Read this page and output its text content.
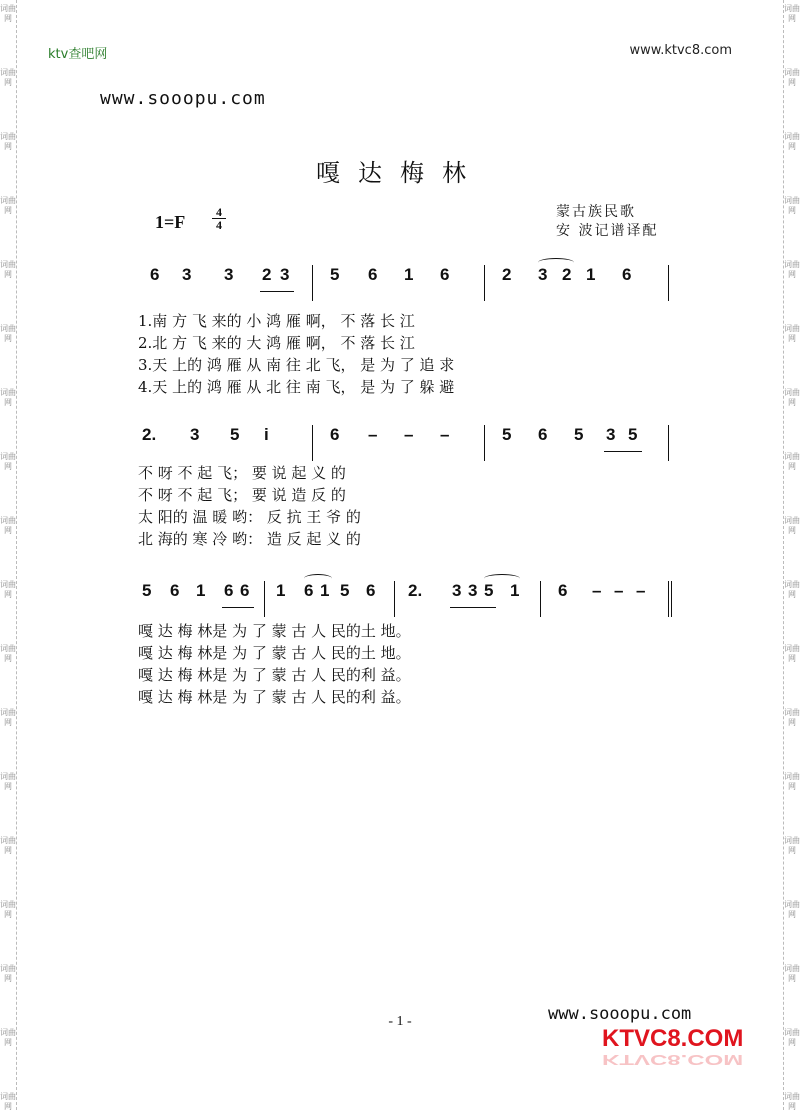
词曲网
词曲网
词曲网
词曲网
词曲网
词曲网
词曲网
词曲网
词曲网
词曲网
词曲网
词曲网
词曲网
词曲网
词曲网
词曲网
词曲网
词曲网
词曲网
词曲网
词曲网
词曲网
词曲网
词曲网
词曲网
词曲网
词曲网
词曲网
词曲网
词曲网
词曲网
词曲网
词曲网
词曲网
词曲网
词曲网
ktv查吧网	www.ktvc8.com
www.sooopu.com
嘎达梅林
1=F	4
4
蒙古族民歌
安 波记谱译配
6 3 3 2 3 5 6 1 6	2 3 2 1 6
1.南 方 飞 来的 小 鸿 雁 啊， 不 落 长 江
2.北 方 飞 来的 大 鸿 雁 啊， 不 落 长 江
3.天 上的 鸿 雁 从 南 往 北 飞， 是 为 了 追 求
4.天 上的 鸿 雁 从 北 往 南 飞， 是 为 了 躲 避
2. 3 5 i	6 – – –	5 6 5 3 5
不 呀 不 起 飞； 要 说 起 义 的
不 呀 不 起 飞； 要 说 造 反 的
太 阳的 温 暖 哟： 反 抗 王 爷 的
北 海的 寒 冷 哟： 造 反 起 义 的
5 6 1 6 6 1 6 1 5 6 2. 3 3 5 1 6 – – –
嘎 达 梅 林是 为 了 蒙 古 人 民的土 地。
嘎 达 梅 林是 为 了 蒙 古 人 民的土 地。
嘎 达 梅 林是 为 了 蒙 古 人 民的利 益。
嘎 达 梅 林是 为 了 蒙 古 人 民的利 益。
www.sooopu.com
- 1 -
KTVC8.COM
KTVC8.COM
